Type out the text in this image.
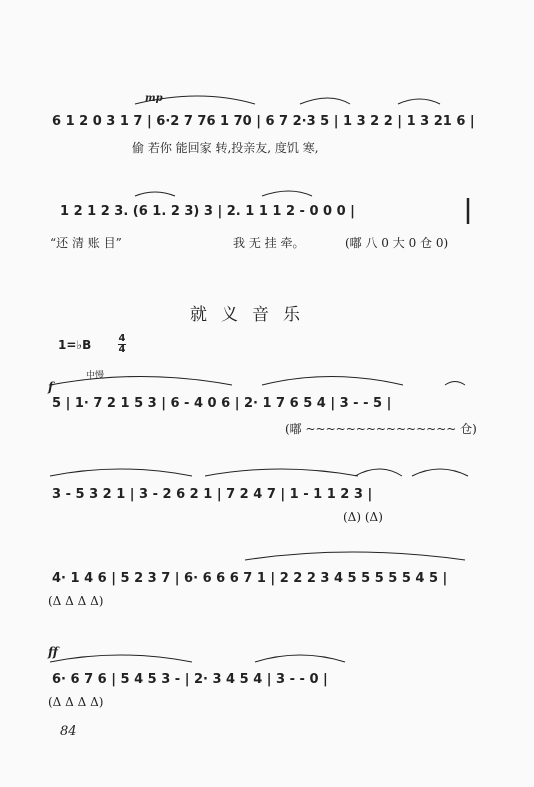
mp
6 1 2 0 3 1 7 | 6·2 7 76 1 70 | 6 7 2·3 5 | 1 3 2 2 | 1 3 21 6 |
偷 若你 能回家 转,投亲友, 度饥 寒,
1 2 1 2 3. (6 1. 2 3) 3 | 2. 1 1 1 2 - 0 0 0 |
“还 清 账 目”	我 无 挂 牵。	(嘟 八 0 大 0 仓 0)
就义音乐
1=♭B	4
4
中慢
f
5 | 1· 7 2 1 5 3 | 6 - 4 0 6 | 2· 1 7 6 5 4 | 3 - - 5 |
(嘟 ~~~~~~~~~~~~~~~ 仓)
3 - 5 3 2 1 | 3 - 2 6 2 1 | 7 2 4 7 | 1 - 1 1 2 3 |
(Δ) (Δ)
4· 1 4 6 | 5 2 3 7 | 6· 6 6 6 7 1 | 2 2 2 3 4 5 5 5 5 5 4 5 |
(Δ Δ Δ Δ)
ff
6· 6 7 6 | 5 4 5 3 - | 2· 3 4 5 4 | 3 - - 0 |
(Δ Δ Δ Δ)
84
